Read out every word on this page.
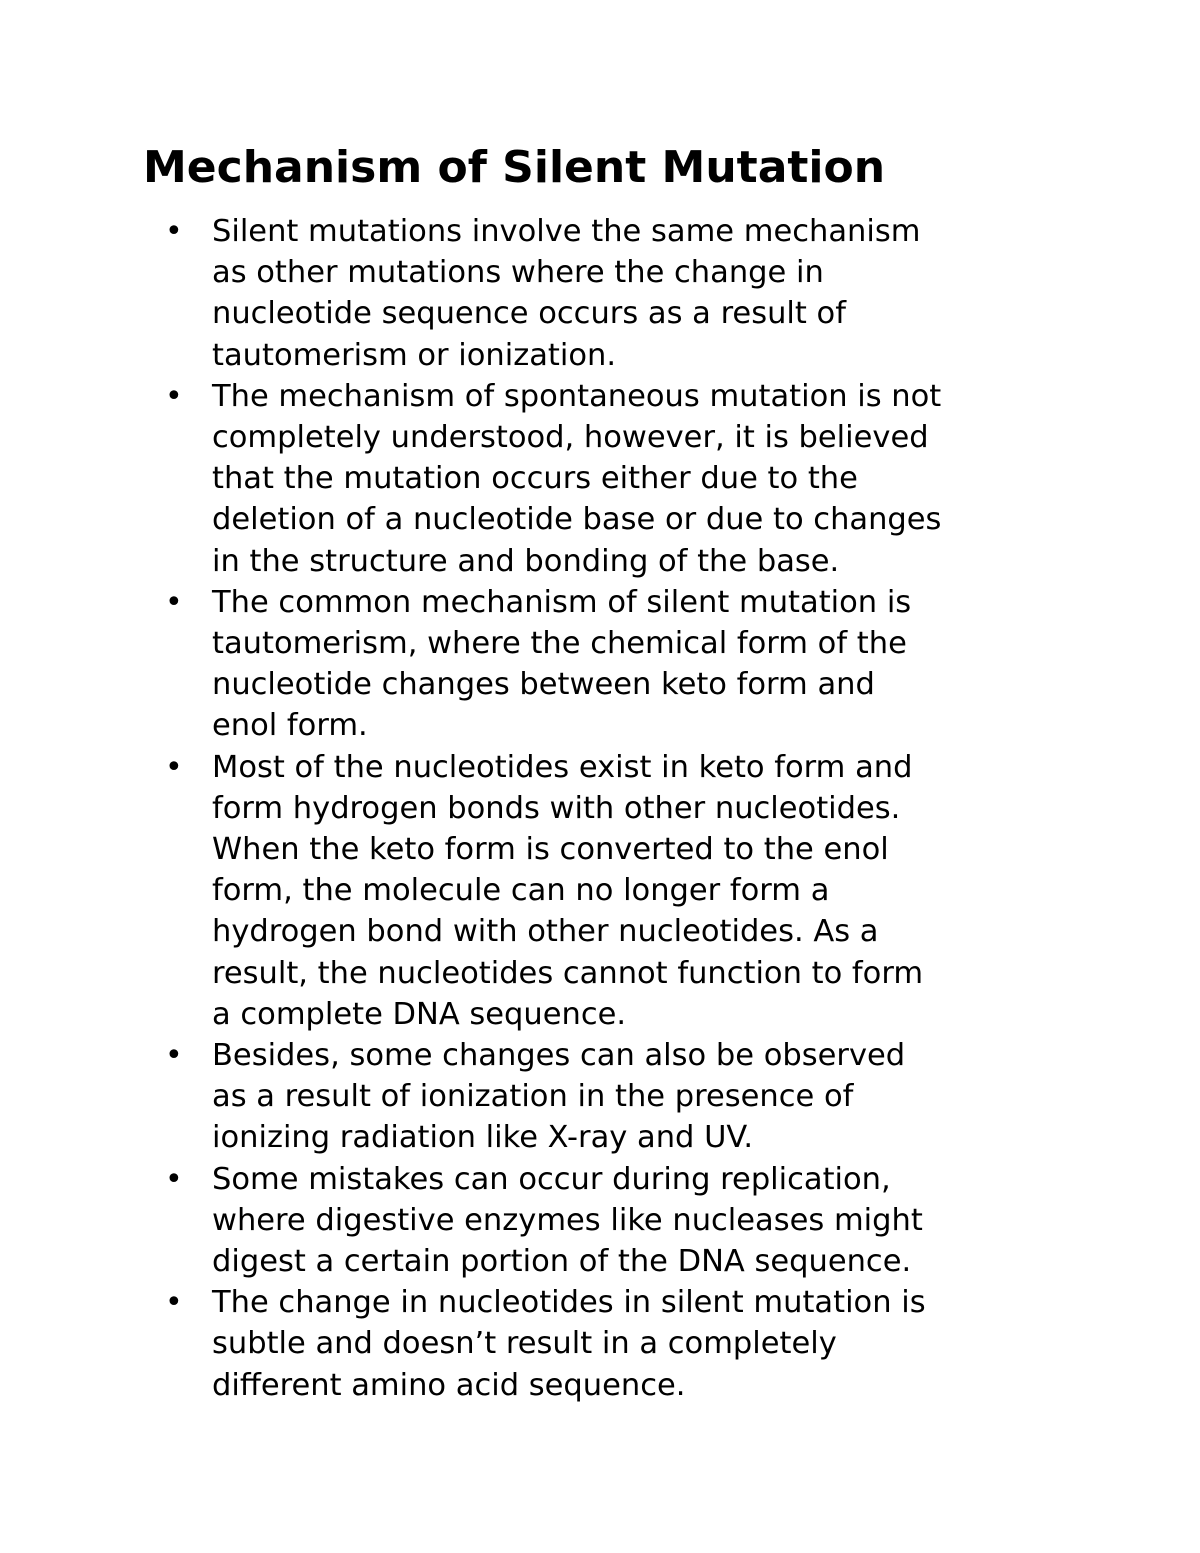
Mechanism of Silent Mutation
• Silent mutations involve the same mechanism
as other mutations where the change in
nucleotide sequence occurs as a result of
tautomerism or ionization.
• The mechanism of spontaneous mutation is not
completely understood, however, it is believed
that the mutation occurs either due to the
deletion of a nucleotide base or due to changes
in the structure and bonding of the base.
• The common mechanism of silent mutation is
tautomerism, where the chemical form of the
nucleotide changes between keto form and
enol form.
• Most of the nucleotides exist in keto form and
form hydrogen bonds with other nucleotides.
When the keto form is converted to the enol
form, the molecule can no longer form a
hydrogen bond with other nucleotides. As a
result, the nucleotides cannot function to form
a complete DNA sequence.
• Besides, some changes can also be observed
as a result of ionization in the presence of
ionizing radiation like X-ray and UV.
• Some mistakes can occur during replication,
where digestive enzymes like nucleases might
digest a certain portion of the DNA sequence.
• The change in nucleotides in silent mutation is
subtle and doesn’t result in a completely
different amino acid sequence.
